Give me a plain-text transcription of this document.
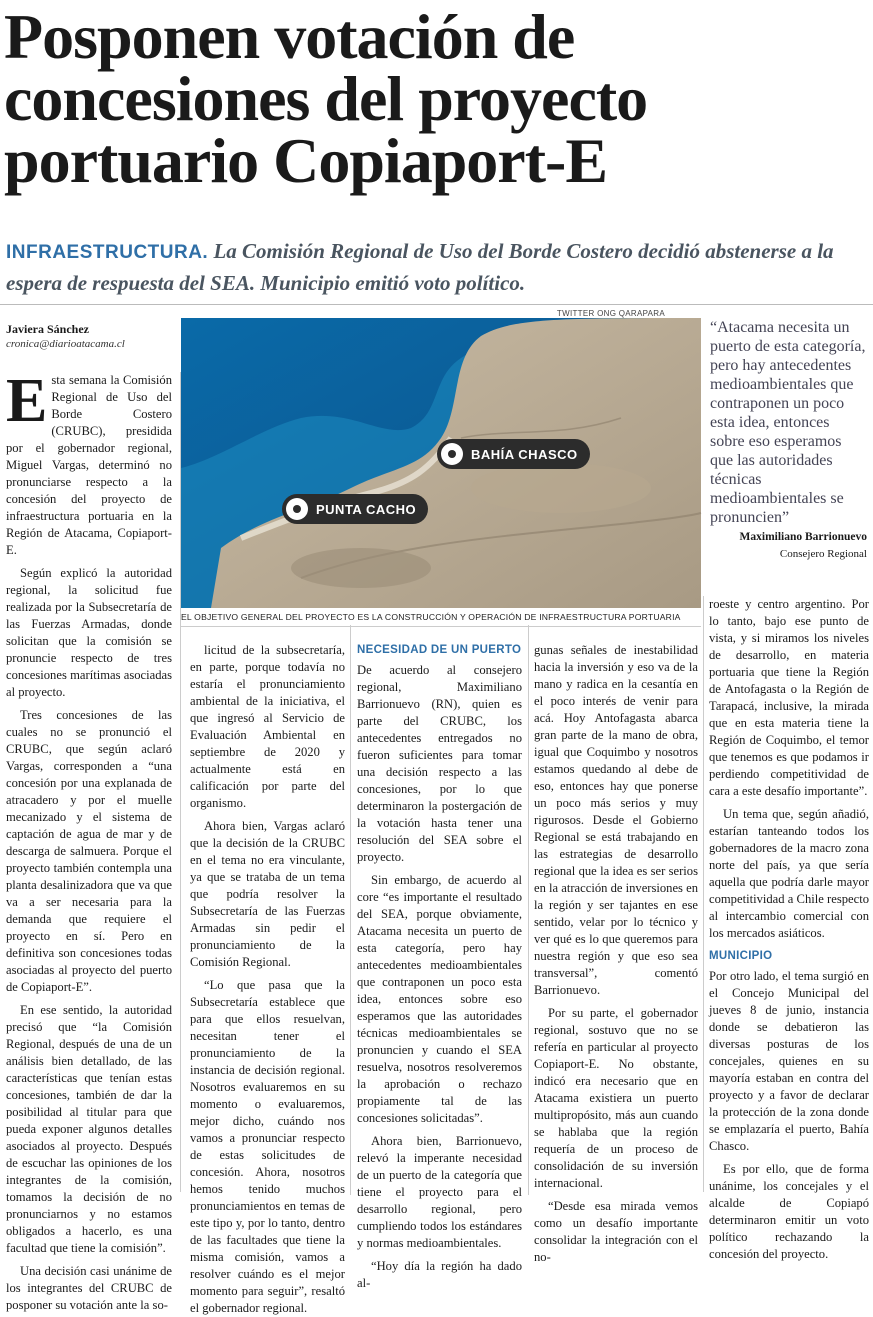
Posponen votación de
concesiones del proyecto
portuario Copiaport-E
INFRAESTRUCTURA. La Comisión Regional de Uso del Borde Costero decidió abstenerse a la espera de respuesta del SEA. Municipio emitió voto político.
Javiera Sánchez
cronica@diarioatacama.cl
TWITTER ONG QARAPARA
BAHÍA CHASCO
PUNTA CACHO
EL OBJETIVO GENERAL DEL PROYECTO ES LA CONSTRUCCIÓN Y OPERACIÓN DE INFRAESTRUCTURA PORTUARIA
“Atacama necesita un puerto de esta categoría, pero hay antecedentes medioambientales que contraponen un poco esta idea, entonces sobre eso esperamos que las autoridades técnicas medioambientales se pronuncien”
Maximiliano Barrionuevo
Consejero Regional

Esta semana la Comisión Regional de Uso del Borde Costero (CRUBC), presidida por el gobernador regional, Miguel Vargas, determinó no pronunciarse respecto a la concesión del proyecto de infraestructura portuaria en la Región de Atacama, Copiaport-E.

Según explicó la autoridad regional, la solicitud fue realizada por la Subsecretaría de las Fuerzas Armadas, donde solicitan que la comisión se pronuncie respecto de tres concesiones marítimas asociadas al proyecto.

Tres concesiones de las cuales no se pronunció el CRUBC, que según aclaró Vargas, corresponden a “una concesión por una explanada de atracadero y por el muelle mecanizado y el sistema de captación de agua de mar y de descarga de salmuera. Porque el proyecto también contempla una planta desalinizadora que va que va a ser necesaria para la demanda que requiere el proyecto en sí. Pero en definitiva son concesiones todas asociadas al proyecto del puerto de Copiaport-E”.

En ese sentido, la autoridad precisó que “la Comisión Regional, después de una de un análisis bien detallado, de las características que tenían estas concesiones, también de dar la posibilidad al titular para que pueda exponer algunos detalles asociados al proyecto. Después de escuchar las opiniones de los integrantes de la comisión, tomamos la decisión de no pronunciarnos y no estamos obligados a hacerlo, es una facultad que tiene la comisión”.

Una decisión casi unánime de los integrantes del CRUBC de posponer su votación ante la so-

licitud de la subsecretaría, en parte, porque todavía no estaría el pronunciamiento ambiental de la iniciativa, el que ingresó al Servicio de Evaluación Ambiental en septiembre de 2020 y actualmente está en calificación por parte del organismo.

Ahora bien, Vargas aclaró que la decisión de la CRUBC en el tema no era vinculante, ya que se trataba de un tema que podría resolver la Subsecretaría de las Fuerzas Armadas sin pedir el pronunciamiento de la Comisión Regional.

“Lo que pasa que la Subsecretaría establece que para que ellos resuelvan, necesitan tener el pronunciamiento de la instancia de decisión regional. Nosotros evaluaremos en su momento o evaluaremos, mejor dicho, cuándo nos vamos a pronunciar respecto de estas solicitudes de concesión. Ahora, nosotros hemos tenido muchos pronunciamientos en temas de este tipo y, por lo tanto, dentro de las facultades que tiene la misma comisión, vamos a resolver cuándo es el mejor momento para seguir”, resaltó el gobernador regional.

NECESIDAD DE UN PUERTO

De acuerdo al consejero regional, Maximiliano Barrionuevo (RN), quien es parte del CRUBC, los antecedentes entregados no fueron suficientes para tomar una decisión respecto a las concesiones, por lo que determinaron la postergación de la votación hasta tener una resolución del SEA sobre el proyecto.

Sin embargo, de acuerdo al core “es importante el resultado del SEA, porque obviamente, Atacama necesita un puerto de esta categoría, pero hay antecedentes medioambientales que contraponen un poco esta idea, entonces sobre eso esperamos que las autoridades técnicas medioambientales se pronuncien y cuando el SEA resuelva, nosotros resolveremos la aprobación o rechazo propiamente tal de las concesiones solicitadas”.

Ahora bien, Barrionuevo, relevó la imperante necesidad de un puerto de la categoría que tiene el proyecto para el desarrollo regional, pero cumpliendo todos los estándares y normas medioambientales.

“Hoy día la región ha dado al-

gunas señales de inestabilidad hacia la inversión y eso va de la mano y radica en la cesantía en el poco interés de venir para acá. Hoy Antofagasta abarca gran parte de la mano de obra, igual que Coquimbo y nosotros estamos quedando al debe de eso, entonces hay que ponerse un poco más serios y muy rigurosos. Desde el Gobierno Regional se está trabajando en las estrategias de desarrollo regional que la idea es ser serios en la atracción de inversiones en la región y ser tajantes en ese sentido, velar por lo técnico y ver qué es lo que queremos para nuestra región y que eso sea transversal”, comentó Barrionuevo.

Por su parte, el gobernador regional, sostuvo que no se refería en particular al proyecto Copiaport-E. No obstante, indicó era necesario que en Atacama existiera un puerto multipropósito, más aun cuando se hablaba que la región requería de un proceso de consolidación de su inversión internacional.

“Desde esa mirada vemos como un desafío importante consolidar la integración con el no-

roeste y centro argentino. Por lo tanto, bajo ese punto de vista, y si miramos los niveles de desarrollo, en materia portuaria que tiene la Región de Antofagasta o la Región de Tarapacá, inclusive, la mirada que en esta materia tiene la Región de Coquimbo, el temor que tenemos es que podamos ir perdiendo competitividad de cara a este desafío importante”.

Un tema que, según añadió, estarían tanteando todos los gobernadores de la macro zona norte del país, ya que sería aquella que podría darle mayor competitividad a Chile respecto al intercambio comercial con los mercados asiáticos.

MUNICIPIO

Por otro lado, el tema surgió en el Concejo Municipal del jueves 8 de junio, instancia donde se debatieron las diversas posturas de los concejales, quienes en su mayoría estaban en contra del proyecto y a favor de declarar la protección de la zona donde se emplazaría el puerto, Bahía Chasco.

Es por ello, que de forma unánime, los concejales y el alcalde de Copiapó determinaron emitir un voto político rechazando la concesión del proyecto.
